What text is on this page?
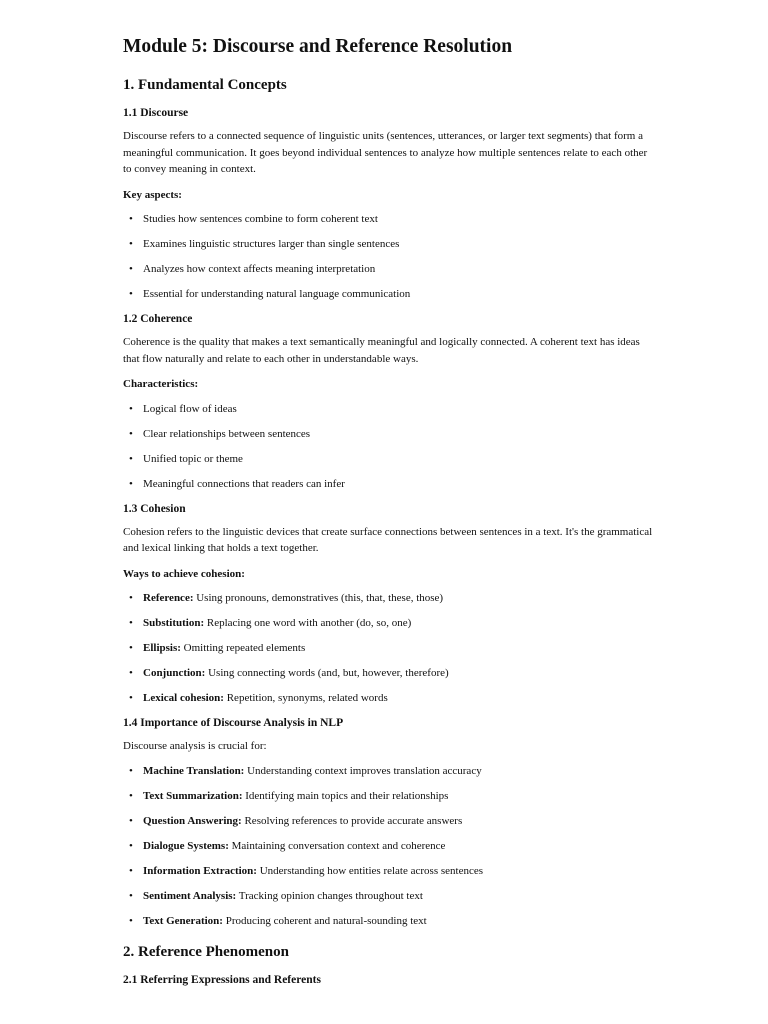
Module 5: Discourse and Reference Resolution
1. Fundamental Concepts
1.1 Discourse

Discourse refers to a connected sequence of linguistic units (sentences, utterances, or larger text segments) that form a meaningful communication. It goes beyond individual sentences to analyze how multiple sentences relate to each other to convey meaning in context.

Key aspects:

• Studies how sentences combine to form coherent text
• Examines linguistic structures larger than single sentences
• Analyzes how context affects meaning interpretation
• Essential for understanding natural language communication
1.2 Coherence

Coherence is the quality that makes a text semantically meaningful and logically connected. A coherent text has ideas that flow naturally and relate to each other in understandable ways.

Characteristics:

• Logical flow of ideas
• Clear relationships between sentences
• Unified topic or theme
• Meaningful connections that readers can infer
1.3 Cohesion

Cohesion refers to the linguistic devices that create surface connections between sentences in a text. It's the grammatical and lexical linking that holds a text together.

Ways to achieve cohesion:

• Reference: Using pronouns, demonstratives (this, that, these, those)
• Substitution: Replacing one word with another (do, so, one)
• Ellipsis: Omitting repeated elements
• Conjunction: Using connecting words (and, but, however, therefore)
• Lexical cohesion: Repetition, synonyms, related words
1.4 Importance of Discourse Analysis in NLP

Discourse analysis is crucial for:

• Machine Translation: Understanding context improves translation accuracy
• Text Summarization: Identifying main topics and their relationships
• Question Answering: Resolving references to provide accurate answers
• Dialogue Systems: Maintaining conversation context and coherence
• Information Extraction: Understanding how entities relate across sentences
• Sentiment Analysis: Tracking opinion changes throughout text
• Text Generation: Producing coherent and natural-sounding text
2. Reference Phenomenon
2.1 Referring Expressions and Referents
